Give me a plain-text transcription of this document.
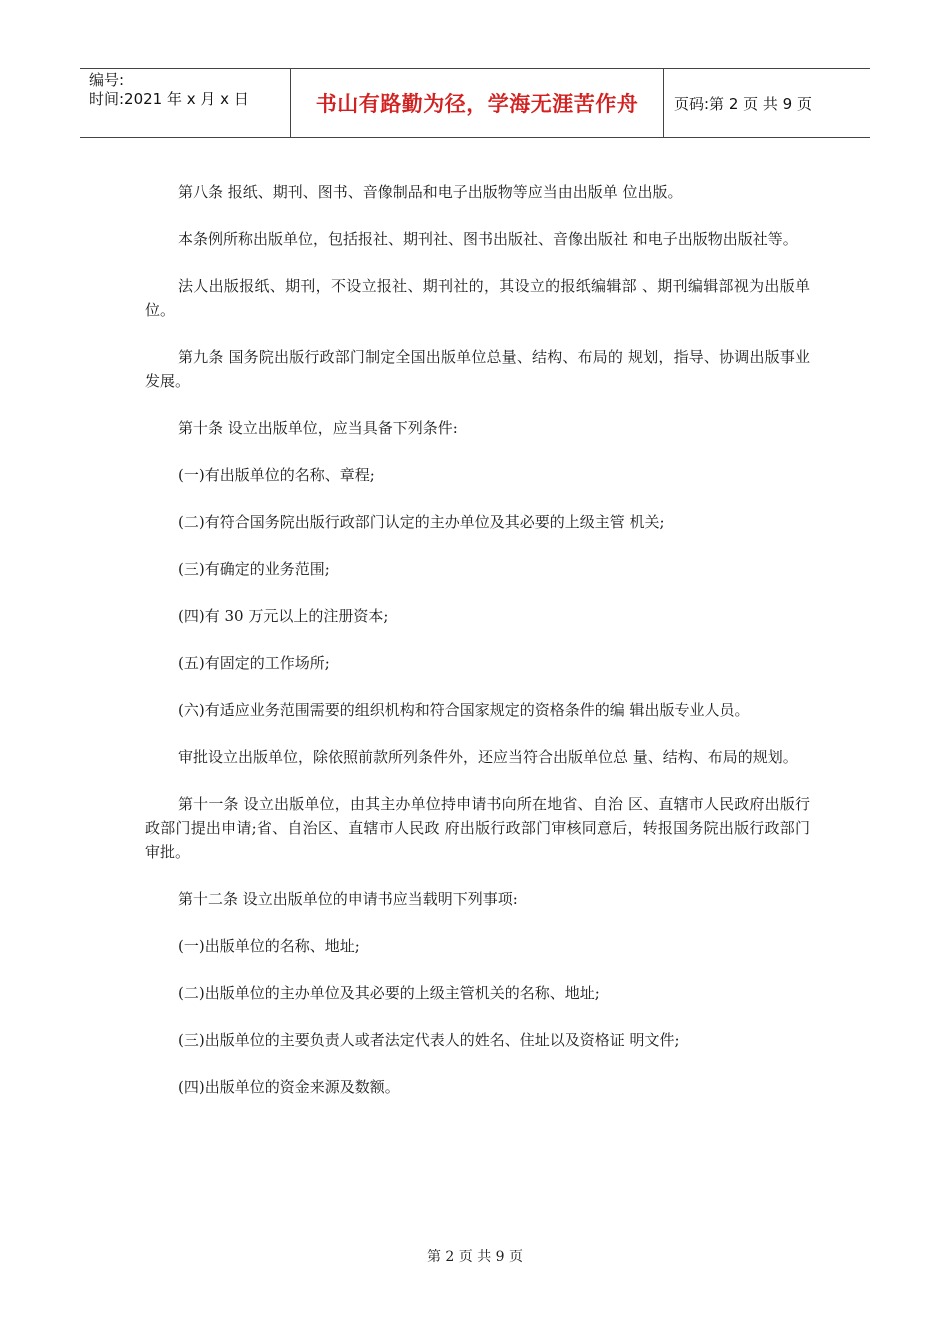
编号:
时间:2021 年 x 月 x 日	书山有路勤为径，学海无涯苦作舟	页码:第 2 页 共 9 页

第八条 报纸、期刊、图书、音像制品和电子出版物等应当由出版单 位出版。

本条例所称出版单位，包括报社、期刊社、图书出版社、音像出版社 和电子出版物出版社等。

法人出版报纸、期刊，不设立报社、期刊社的，其设立的报纸编辑部 、期刊编辑部视为出版单位。

第九条 国务院出版行政部门制定全国出版单位总量、结构、布局的 规划，指导、协调出版事业发展。

第十条 设立出版单位，应当具备下列条件:

(一)有出版单位的名称、章程;

(二)有符合国务院出版行政部门认定的主办单位及其必要的上级主管 机关;

(三)有确定的业务范围;

(四)有 30 万元以上的注册资本;

(五)有固定的工作场所;

(六)有适应业务范围需要的组织机构和符合国家规定的资格条件的编 辑出版专业人员。

审批设立出版单位，除依照前款所列条件外，还应当符合出版单位总 量、结构、布局的规划。

第十一条 设立出版单位，由其主办单位持申请书向所在地省、自治 区、直辖市人民政府出版行政部门提出申请;省、自治区、直辖市人民政 府出版行政部门审核同意后，转报国务院出版行政部门审批。

第十二条 设立出版单位的申请书应当载明下列事项:

(一)出版单位的名称、地址;

(二)出版单位的主办单位及其必要的上级主管机关的名称、地址;

(三)出版单位的主要负责人或者法定代表人的姓名、住址以及资格证 明文件;

(四)出版单位的资金来源及数额。

第 2 页 共 9 页
